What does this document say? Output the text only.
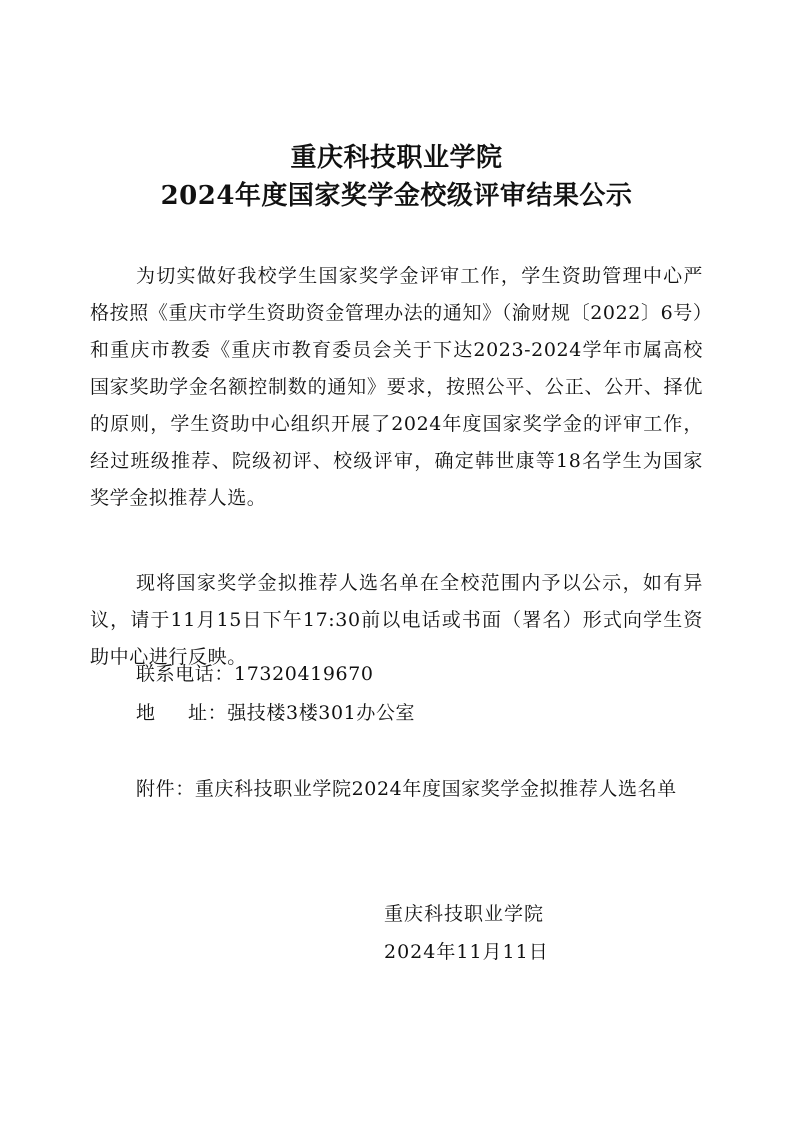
重庆科技职业学院
2024年度国家奖学金校级评审结果公示
为切实做好我校学生国家奖学金评审工作，学生资助管理中心严格按照《重庆市学生资助资金管理办法的通知》（渝财规〔2022〕6号）和重庆市教委《重庆市教育委员会关于下达2023-2024学年市属高校国家奖助学金名额控制数的通知》要求，按照公平、公正、公开、择优的原则，学生资助中心组织开展了2024年度国家奖学金的评审工作，经过班级推荐、院级初评、校级评审，确定韩世康等18名学生为国家奖学金拟推荐人选。
现将国家奖学金拟推荐人选名单在全校范围内予以公示，如有异议，请于11月15日下午17:30前以电话或书面（署名）形式向学生资助中心进行反映。
联系电话：17320419670
地 址：强技楼3楼301办公室
附件：重庆科技职业学院2024年度国家奖学金拟推荐人选名单
重庆科技职业学院
2024年11月11日
